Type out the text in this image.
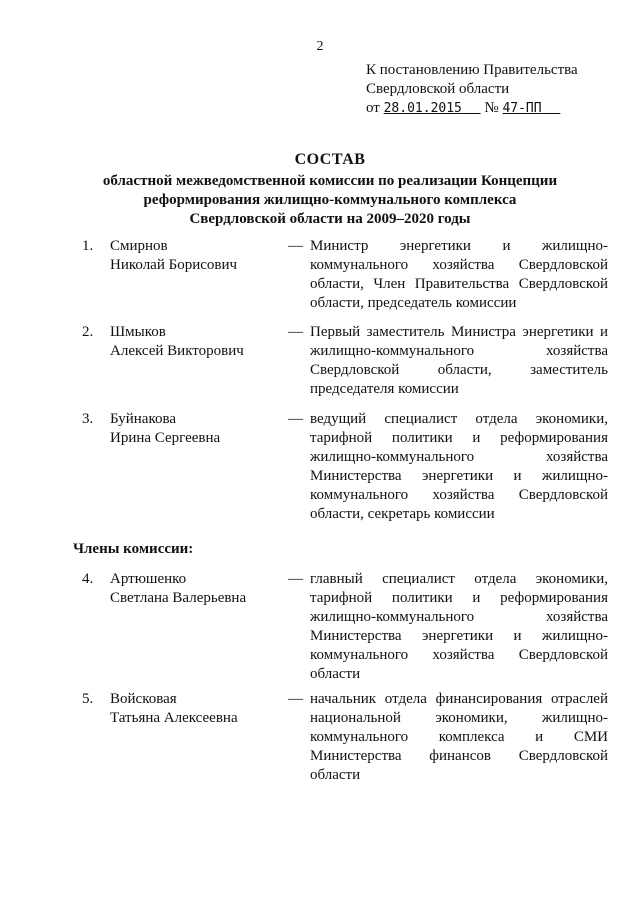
2
К постановлению Правительства
Свердловской области
от 28.01.2015 № 47-ПП
СОСТАВ
областной межведомственной комиссии по реализации Концепции
реформирования жилищно-коммунального комплекса
Свердловской области на 2009–2020 годы
1.	Смирнов
Николай Борисович
— Министр энергетики и жилищно-коммунального хозяйства Свердловской области, Член Правительства Свердловской области, председатель комиссии
2.	Шмыков
Алексей Викторович
— Первый заместитель Министра энергетики и жилищно-коммунального хозяйства Свердловской области, заместитель председателя комиссии
3.	Буйнакова
Ирина Сергеевна
— ведущий специалист отдела экономики, тарифной политики и реформирования жилищно-коммунального хозяйства Министерства энергетики и жилищно-коммунального хозяйства Свердловской области, секретарь комиссии
Члены комиссии:
4.	Артюшенко
Светлана Валерьевна
— главный специалист отдела экономики, тарифной политики и реформирования жилищно-коммунального хозяйства Министерства энергетики и жилищно-коммунального хозяйства Свердловской области
5.	Войсковая
Татьяна Алексеевна
— начальник отдела финансирования отраслей национальной экономики, жилищно-коммунального комплекса и СМИ Министерства финансов Свердловской области
